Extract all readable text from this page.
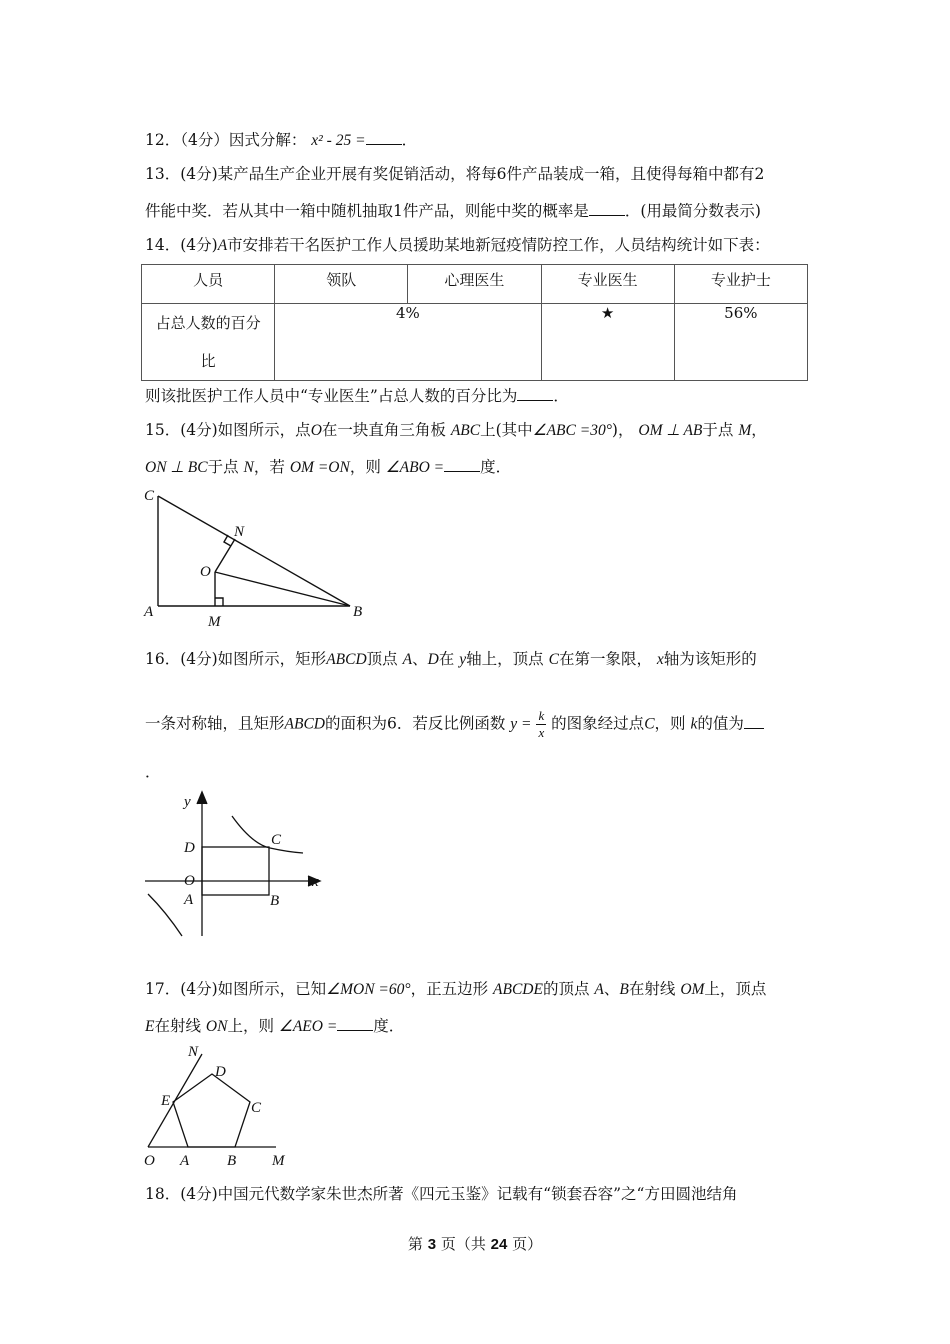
12．（4分）因式分解： x² - 25 = ．
13．(4分)某产品生产企业开展有奖促销活动，将每6件产品装成一箱，且使得每箱中都有2
件能中奖．若从其中一箱中随机抽取1件产品，则能中奖的概率是 ．(用最简分数表示)
14．(4分)A市安排若干名医护工作人员援助某地新冠疫情防控工作，人员结构统计如下表：
人员	领队	心理医生	专业医生	专业护士

占总人数的百分
比	4%		★	56%
则该批医护工作人员中“专业医生”占总人数的百分比为 ．
15．(4分)如图所示，点O在一块直角三角板 ABC上(其中∠ABC =30°)， OM ⊥ AB于点 M，
ON ⊥ BC于点 N，若 OM =ON，则 ∠ABO = 度．
C
N
O
A
M
B
16．(4分)如图所示，矩形ABCD顶点 A、D在 y轴上，顶点 C在第一象限， x轴为该矩形的
一条对称轴，且矩形ABCD的面积为6．若反比例函数 $y = \frac{k}{x}$ 的图象经过点C，则 k的值为
．
y
x
D	C
O
A	B
17．(4分)如图所示，已知∠MON =60°，正五边形 ABCDE的顶点 A、B在射线 OM上，顶点
E在射线 ON上，则 ∠AEO = 度．
N
D
E	C
O A	B M
18．(4分)中国元代数学家朱世杰所著《四元玉鉴》记载有“锁套吞容”之“方田圆池结角
第 3 页（共 24 页）
